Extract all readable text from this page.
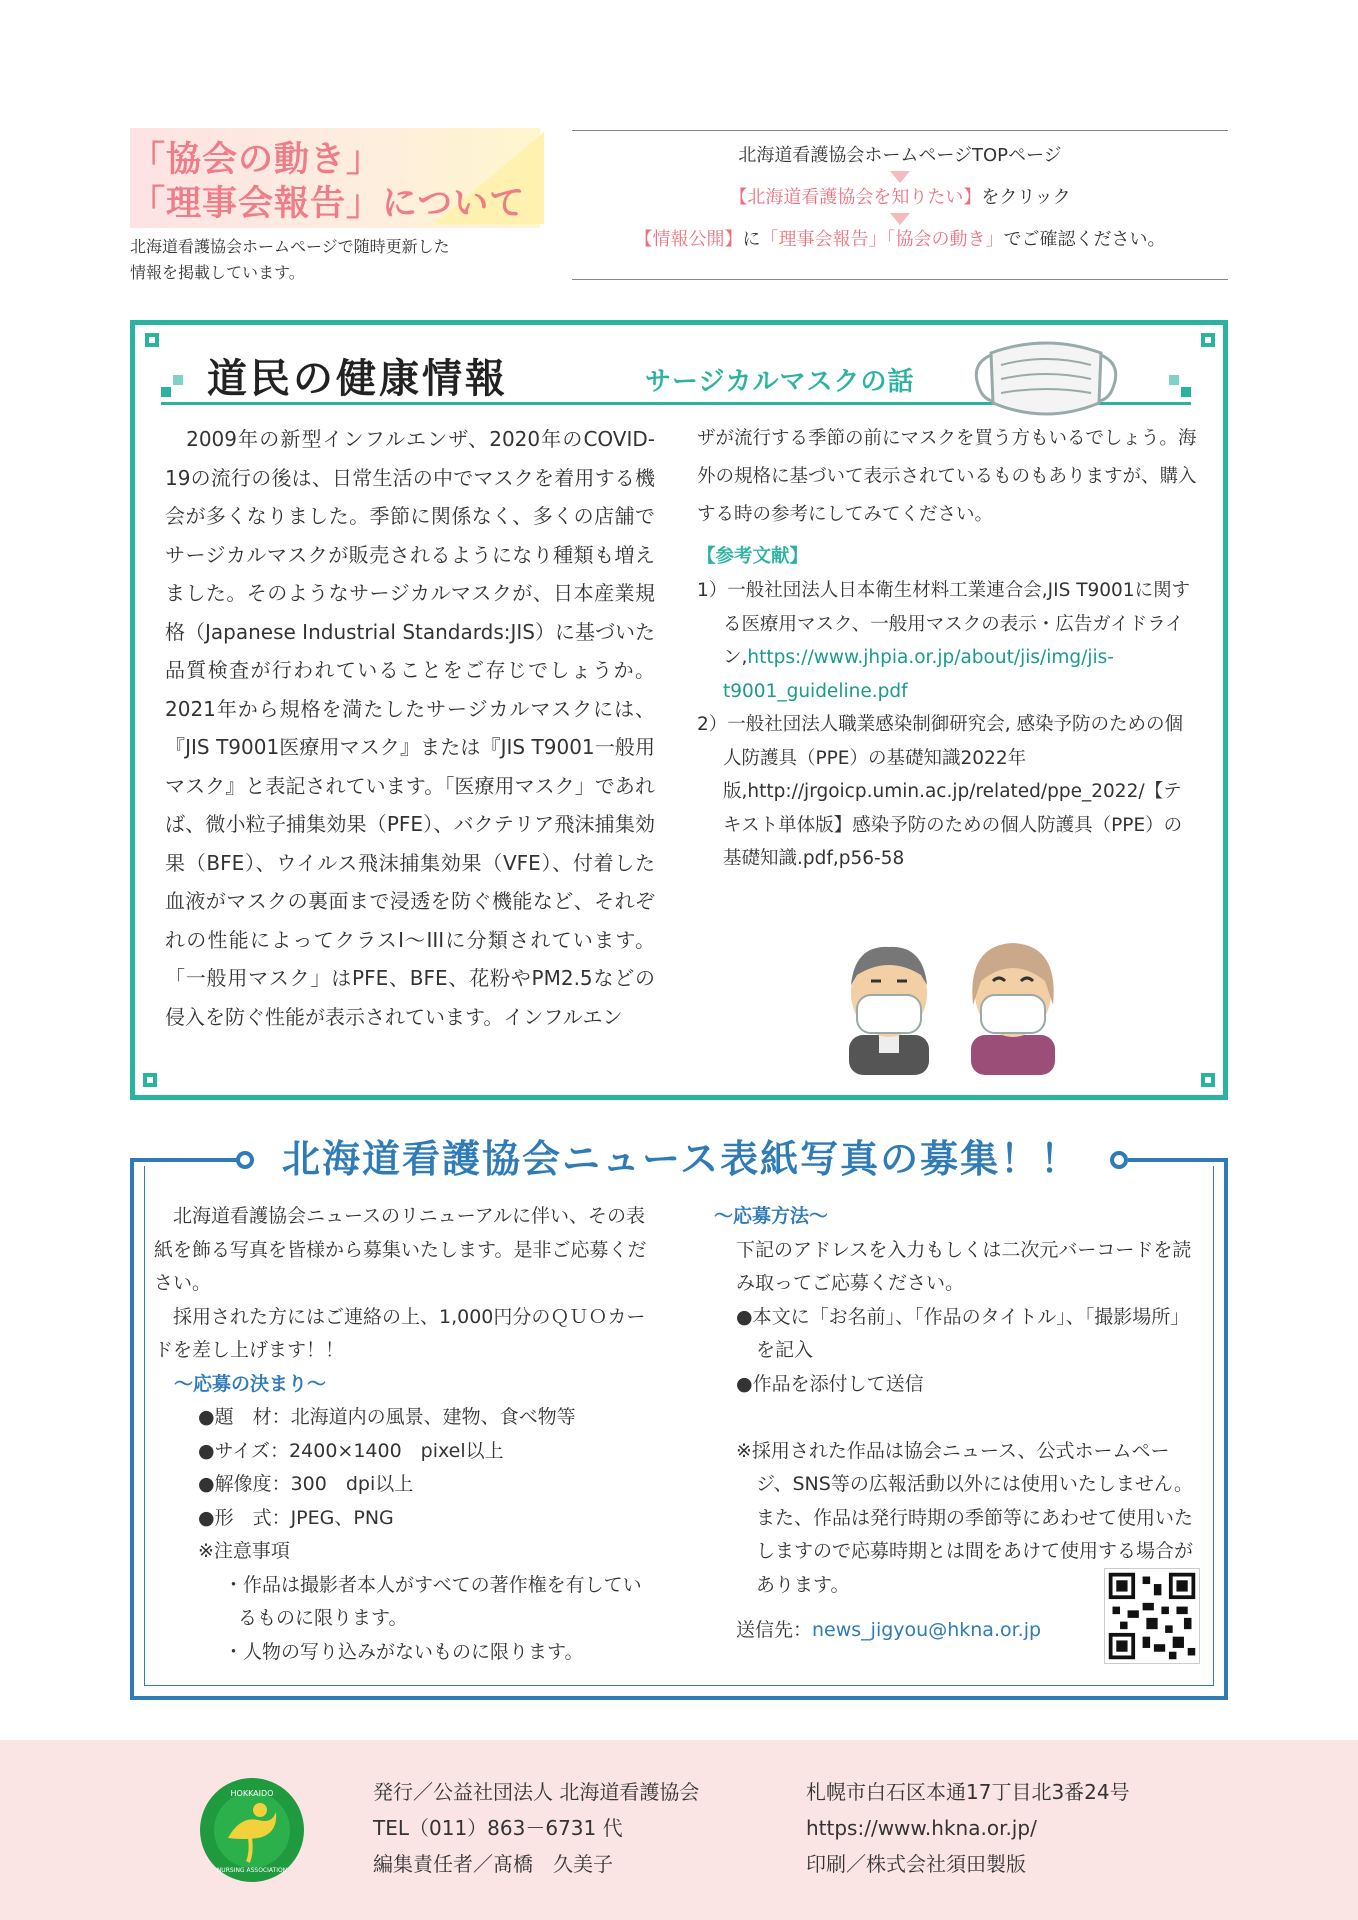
「協会の動き」
「理事会報告」について
北海道看護協会ホームページで随時更新した
情報を掲載しています。
北海道看護協会ホームページTOPページ
【北海道看護協会を知りたい】をクリック
【情報公開】に「理事会報告」「協会の動き」でご確認ください。
道民の健康情報	サージカルマスクの話
　2009年の新型インフルエンザ、2020年のCOVID-19の流行の後は、日常生活の中でマスクを着用する機会が多くなりました。季節に関係なく、多くの店舗でサージカルマスクが販売されるようになり種類も増えました。そのようなサージカルマスクが、日本産業規格（Japanese Industrial Standards:JIS）に基づいた品質検査が行われていることをご存じでしょうか。2021年から規格を満たしたサージカルマスクには、『JIS T9001医療用マスク』または『JIS T9001一般用マスク』と表記されています。「医療用マスク」であれば、微小粒子捕集効果（PFE）、バクテリア飛沫捕集効果（BFE）、ウイルス飛沫捕集効果（VFE）、付着した血液がマスクの裏面まで浸透を防ぐ機能など、それぞれの性能によってクラスI～IIIに分類されています。「一般用マスク」はPFE、BFE、花粉やPM2.5などの侵入を防ぐ性能が表示されています。インフルエン
ザが流行する季節の前にマスクを買う方もいるでしょう。海外の規格に基づいて表示されているものもありますが、購入する時の参考にしてみてください。
【参考文献】
1）一般社団法人日本衛生材料工業連合会,JIS T9001に関する医療用マスク、一般用マスクの表示・広告ガイドライン,https://www.jhpia.or.jp/about/jis/img/jis-t9001_guideline.pdf
2）一般社団法人職業感染制御研究会, 感染予防のための個人防護具（PPE）の基礎知識2022年版,http://jrgoicp.umin.ac.jp/related/ppe_2022/【テキスト単体版】感染予防のための個人防護具（PPE）の基礎知識.pdf,p56-58
北海道看護協会ニュース表紙写真の募集！！
　北海道看護協会ニュースのリニューアルに伴い、その表紙を飾る写真を皆様から募集いたします。是非ご応募ください。
　採用された方にはご連絡の上、1,000円分のＱＵＯカードを差し上げます！！
～応募の決まり～
●題　材：北海道内の風景、建物、食べ物等
●サイズ：2400×1400　pixel以上
●解像度：300　dpi以上
●形　式：JPEG、PNG
※注意事項
・作品は撮影者本人がすべての著作権を有しているものに限ります。
・人物の写り込みがないものに限ります。
～応募方法～
下記のアドレスを入力もしくは二次元バーコードを読み取ってご応募ください。
●本文に「お名前」、「作品のタイトル」、「撮影場所」を記入
●作品を添付して送信
※採用された作品は協会ニュース、公式ホームページ、SNS等の広報活動以外には使用いたしません。また、作品は発行時期の季節等にあわせて使用いたしますので応募時期とは間をあけて使用する場合があります。
送信先：news_jigyou@hkna.or.jp
HOKKAIDO
NURSING ASSOCIATION
発行／公益社団法人 北海道看護協会
TEL（011）863－6731 代
編集責任者／髙橋　久美子
札幌市白石区本通17丁目北3番24号
https://www.hkna.or.jp/
印刷／株式会社須田製版
